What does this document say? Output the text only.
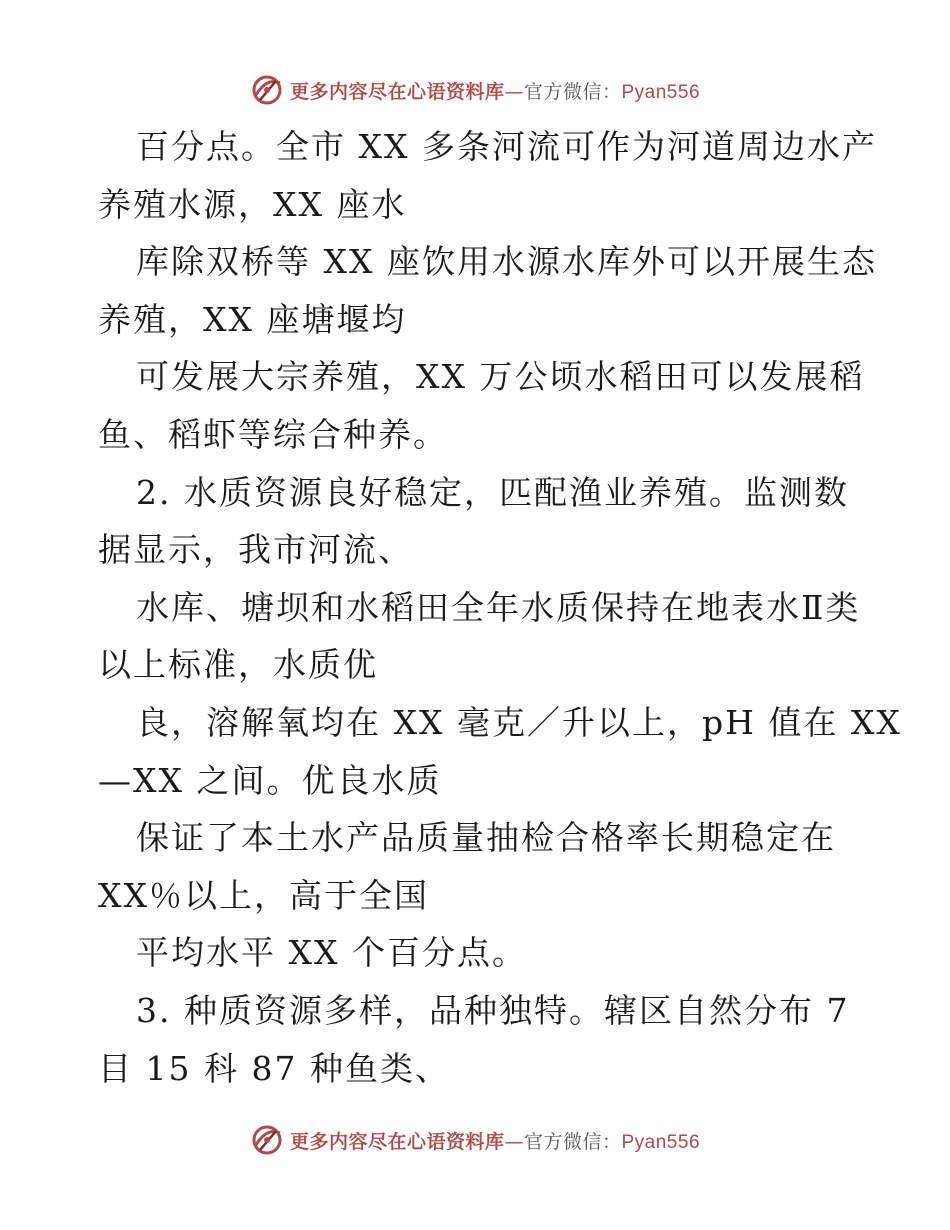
更多内容尽在心语资料库—官方微信：Pyan556
百分点。全市 XX 多条河流可作为河道周边水产
养殖水源，XX 座水
库除双桥等 XX 座饮用水源水库外可以开展生态
养殖，XX 座塘堰均
可发展大宗养殖，XX 万公顷水稻田可以发展稻
鱼、稻虾等综合种养。
2. 水质资源良好稳定，匹配渔业养殖。监测数
据显示，我市河流、
水库、塘坝和水稻田全年水质保持在地表水Ⅱ类
以上标准，水质优
良，溶解氧均在 XX 毫克／升以上，pH 值在 XX
—XX 之间。优良水质
保证了本土水产品质量抽检合格率长期稳定在
XX％以上，高于全国
平均水平 XX 个百分点。
3. 种质资源多样，品种独特。辖区自然分布 7
目 15 科 87 种鱼类、
更多内容尽在心语资料库—官方微信：Pyan556
